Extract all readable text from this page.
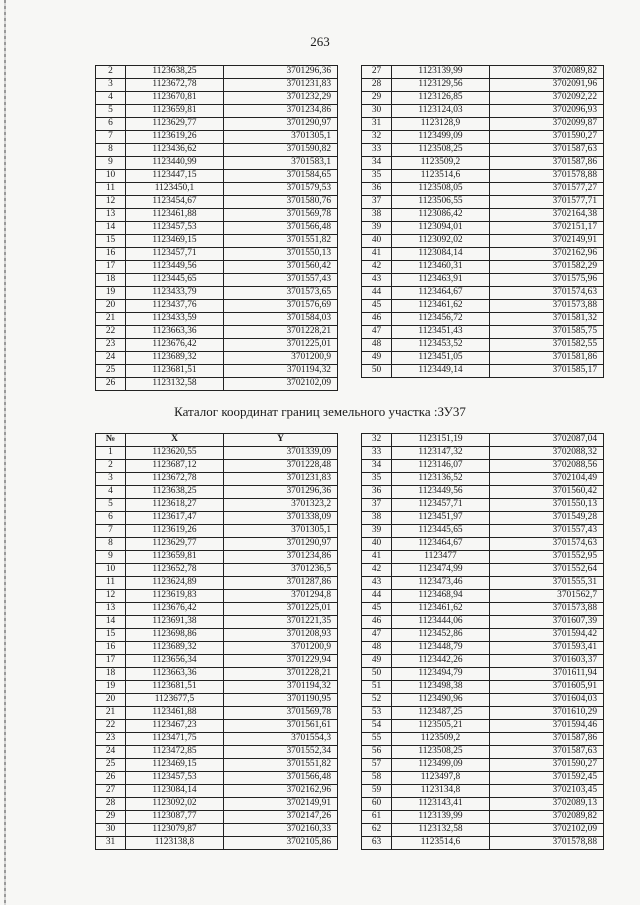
263
2	1123638,25	3701296,36
3	1123672,78	3701231,83
4	1123670,81	3701232,29
5	1123659,81	3701234,86
6	1123629,77	3701290,97
7	1123619,26	3701305,1
8	1123436,62	3701590,82
9	1123440,99	3701583,1
10	1123447,15	3701584,65
11	1123450,1	3701579,53
12	1123454,67	3701580,76
13	1123461,88	3701569,78
14	1123457,53	3701566,48
15	1123469,15	3701551,82
16	1123457,71	3701550,13
17	1123449,56	3701560,42
18	1123445,65	3701557,43
19	1123433,79	3701573,65
20	1123437,76	3701576,69
21	1123433,59	3701584,03
22	1123663,36	3701228,21
23	1123676,42	3701225,01
24	1123689,32	3701200,9
25	1123681,51	3701194,32
26	1123132,58	3702102,09
27	1123139,99	3702089,82
28	1123129,56	3702091,96
29	1123126,85	3702092,22
30	1123124,03	3702096,93
31	1123128,9	3702099,87
32	1123499,09	3701590,27
33	1123508,25	3701587,63
34	1123509,2	3701587,86
35	1123514,6	3701578,88
36	1123508,05	3701577,27
37	1123506,55	3701577,71
38	1123086,42	3702164,38
39	1123094,01	3702151,17
40	1123092,02	3702149,91
41	1123084,14	3702162,96
42	1123460,31	3701582,29
43	1123463,91	3701575,96
44	1123464,67	3701574,63
45	1123461,62	3701573,88
46	1123456,72	3701581,32
47	1123451,43	3701585,75
48	1123453,52	3701582,55
49	1123451,05	3701581,86
50	1123449,14	3701585,17
Каталог координат границ земельного участка :ЗУ37
№	X	Y
1	1123620,55	3701339,09
2	1123687,12	3701228,48
3	1123672,78	3701231,83
4	1123638,25	3701296,36
5	1123618,27	3701323,2
6	1123617,47	3701338,09
7	1123619,26	3701305,1
8	1123629,77	3701290,97
9	1123659,81	3701234,86
10	1123652,78	3701236,5
11	1123624,89	3701287,86
12	1123619,83	3701294,8
13	1123676,42	3701225,01
14	1123691,38	3701221,35
15	1123698,86	3701208,93
16	1123689,32	3701200,9
17	1123656,34	3701229,94
18	1123663,36	3701228,21
19	1123681,51	3701194,32
20	1123677,5	3701190,95
21	1123461,88	3701569,78
22	1123467,23	3701561,61
23	1123471,75	3701554,3
24	1123472,85	3701552,34
25	1123469,15	3701551,82
26	1123457,53	3701566,48
27	1123084,14	3702162,96
28	1123092,02	3702149,91
29	1123087,77	3702147,26
30	1123079,87	3702160,33
31	1123138,8	3702105,86
32	1123151,19	3702087,04
33	1123147,32	3702088,32
34	1123146,07	3702088,56
35	1123136,52	3702104,49
36	1123449,56	3701560,42
37	1123457,71	3701550,13
38	1123451,97	3701549,28
39	1123445,65	3701557,43
40	1123464,67	3701574,63
41	1123477	3701552,95
42	1123474,99	3701552,64
43	1123473,46	3701555,31
44	1123468,94	3701562,7
45	1123461,62	3701573,88
46	1123444,06	3701607,39
47	1123452,86	3701594,42
48	1123448,79	3701593,41
49	1123442,26	3701603,37
50	1123494,79	3701611,94
51	1123498,38	3701605,91
52	1123490,96	3701604,03
53	1123487,25	3701610,29
54	1123505,21	3701594,46
55	1123509,2	3701587,86
56	1123508,25	3701587,63
57	1123499,09	3701590,27
58	1123497,8	3701592,45
59	1123134,8	3702103,45
60	1123143,41	3702089,13
61	1123139,99	3702089,82
62	1123132,58	3702102,09
63	1123514,6	3701578,88
